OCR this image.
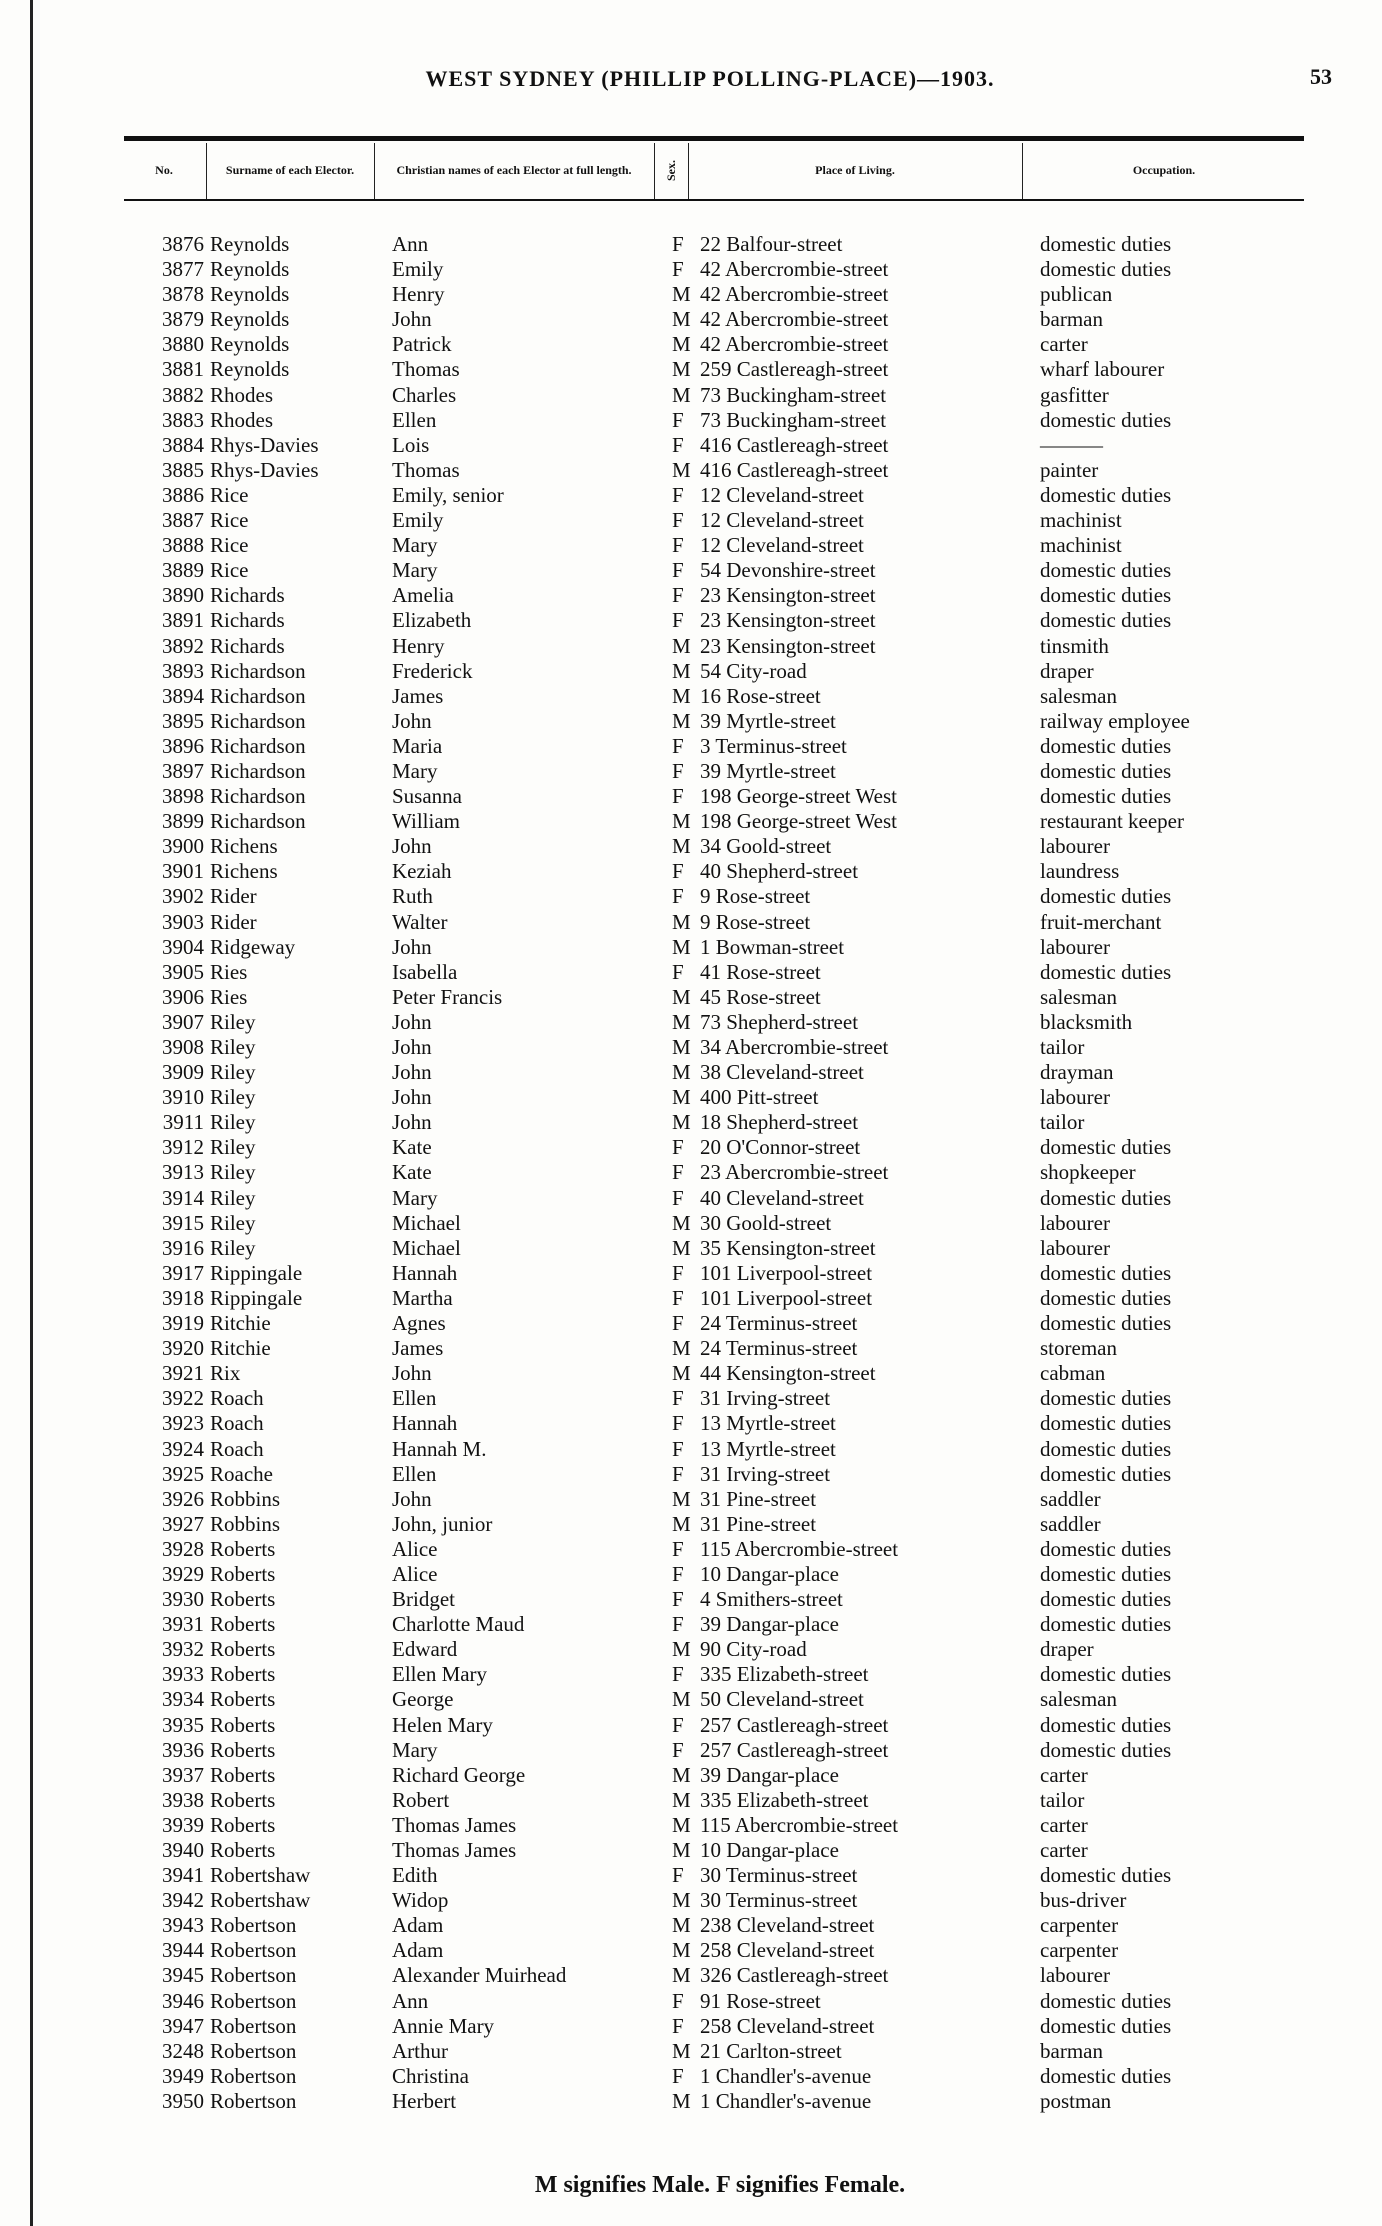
WEST SYDNEY (PHILLIP POLLING-PLACE)—1903.	53
No.	Surname of each Elector.	Christian names of each Elector at full length.	Sex.	Place of Living.	Occupation.
3876 Reynolds	Ann	F 22 Balfour-street	domestic duties
3877 Reynolds	Emily	F 42 Abercrombie-street	domestic duties
3878 Reynolds	Henry	M 42 Abercrombie-street	publican
3879 Reynolds	John	M 42 Abercrombie-street	barman
3880 Reynolds	Patrick	M 42 Abercrombie-street	carter
3881 Reynolds	Thomas	M 259 Castlereagh-street	wharf labourer
3882 Rhodes	Charles	M 73 Buckingham-street	gasfitter
3883 Rhodes	Ellen	F 73 Buckingham-street	domestic duties
3884 Rhys-Davies	Lois	F 416 Castlereagh-street	———
3885 Rhys-Davies	Thomas	M 416 Castlereagh-street	painter
3886 Rice	Emily, senior	F 12 Cleveland-street	domestic duties
3887 Rice	Emily	F 12 Cleveland-street	machinist
3888 Rice	Mary	F 12 Cleveland-street	machinist
3889 Rice	Mary	F 54 Devonshire-street	domestic duties
3890 Richards	Amelia	F 23 Kensington-street	domestic duties
3891 Richards	Elizabeth	F 23 Kensington-street	domestic duties
3892 Richards	Henry	M 23 Kensington-street	tinsmith
3893 Richardson	Frederick	M 54 City-road	draper
3894 Richardson	James	M 16 Rose-street	salesman
3895 Richardson	John	M 39 Myrtle-street	railway employee
3896 Richardson	Maria	F 3 Terminus-street	domestic duties
3897 Richardson	Mary	F 39 Myrtle-street	domestic duties
3898 Richardson	Susanna	F 198 George-street West	domestic duties
3899 Richardson	William	M 198 George-street West	restaurant keeper
3900 Richens	John	M 34 Goold-street	labourer
3901 Richens	Keziah	F 40 Shepherd-street	laundress
3902 Rider	Ruth	F 9 Rose-street	domestic duties
3903 Rider	Walter	M 9 Rose-street	fruit-merchant
3904 Ridgeway	John	M 1 Bowman-street	labourer
3905 Ries	Isabella	F 41 Rose-street	domestic duties
3906 Ries	Peter Francis	M 45 Rose-street	salesman
3907 Riley	John	M 73 Shepherd-street	blacksmith
3908 Riley	John	M 34 Abercrombie-street	tailor
3909 Riley	John	M 38 Cleveland-street	drayman
3910 Riley	John	M 400 Pitt-street	labourer
3911 Riley	John	M 18 Shepherd-street	tailor
3912 Riley	Kate	F 20 O'Connor-street	domestic duties
3913 Riley	Kate	F 23 Abercrombie-street	shopkeeper
3914 Riley	Mary	F 40 Cleveland-street	domestic duties
3915 Riley	Michael	M 30 Goold-street	labourer
3916 Riley	Michael	M 35 Kensington-street	labourer
3917 Rippingale	Hannah	F 101 Liverpool-street	domestic duties
3918 Rippingale	Martha	F 101 Liverpool-street	domestic duties
3919 Ritchie	Agnes	F 24 Terminus-street	domestic duties
3920 Ritchie	James	M 24 Terminus-street	storeman
3921 Rix	John	M 44 Kensington-street	cabman
3922 Roach	Ellen	F 31 Irving-street	domestic duties
3923 Roach	Hannah	F 13 Myrtle-street	domestic duties
3924 Roach	Hannah M.	F 13 Myrtle-street	domestic duties
3925 Roache	Ellen	F 31 Irving-street	domestic duties
3926 Robbins	John	M 31 Pine-street	saddler
3927 Robbins	John, junior	M 31 Pine-street	saddler
3928 Roberts	Alice	F 115 Abercrombie-street	domestic duties
3929 Roberts	Alice	F 10 Dangar-place	domestic duties
3930 Roberts	Bridget	F 4 Smithers-street	domestic duties
3931 Roberts	Charlotte Maud	F 39 Dangar-place	domestic duties
3932 Roberts	Edward	M 90 City-road	draper
3933 Roberts	Ellen Mary	F 335 Elizabeth-street	domestic duties
3934 Roberts	George	M 50 Cleveland-street	salesman
3935 Roberts	Helen Mary	F 257 Castlereagh-street	domestic duties
3936 Roberts	Mary	F 257 Castlereagh-street	domestic duties
3937 Roberts	Richard George	M 39 Dangar-place	carter
3938 Roberts	Robert	M 335 Elizabeth-street	tailor
3939 Roberts	Thomas James	M 115 Abercrombie-street	carter
3940 Roberts	Thomas James	M 10 Dangar-place	carter
3941 Robertshaw	Edith	F 30 Terminus-street	domestic duties
3942 Robertshaw	Widop	M 30 Terminus-street	bus-driver
3943 Robertson	Adam	M 238 Cleveland-street	carpenter
3944 Robertson	Adam	M 258 Cleveland-street	carpenter
3945 Robertson	Alexander Muirhead	M 326 Castlereagh-street	labourer
3946 Robertson	Ann	F 91 Rose-street	domestic duties
3947 Robertson	Annie Mary	F 258 Cleveland-street	domestic duties
3248 Robertson	Arthur	M 21 Carlton-street	barman
3949 Robertson	Christina	F 1 Chandler's-avenue	domestic duties
3950 Robertson	Herbert	M 1 Chandler's-avenue	postman
M signifies Male. F signifies Female.
